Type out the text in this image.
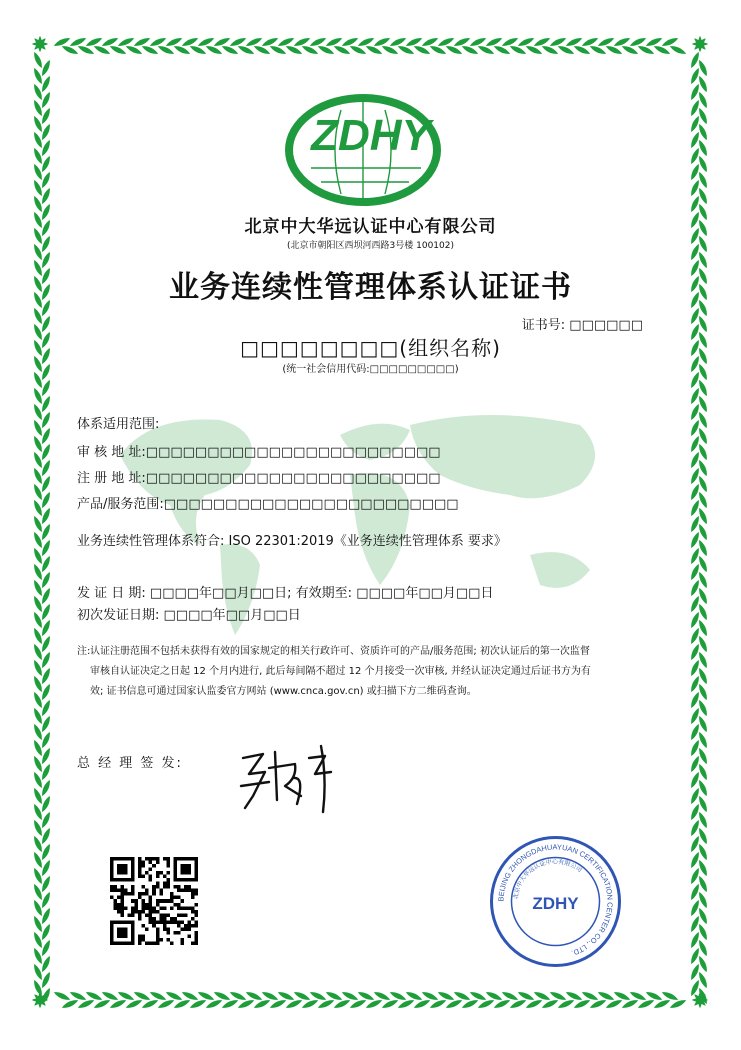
ZDHY
北京中大华远认证中心有限公司
(北京市朝阳区西坝河西路3号楼 100102)
业务连续性管理体系认证证书
证书号: □□□□□□
□□□□□□□□(组织名称)
(统一社会信用代码:□□□□□□□□□)
体系适用范围:
审 核 地 址:□□□□□□□□□□□□□□□□□□□□□□□□
注 册 地 址:□□□□□□□□□□□□□□□□□□□□□□□□
产品/服务范围:□□□□□□□□□□□□□□□□□□□□□□□□
业务连续性管理体系符合: ISO 22301:2019《业务连续性管理体系 要求》
发 证 日 期: □□□□年□□月□□日; 有效期至: □□□□年□□月□□日
初次发证日期: □□□□年□□月□□日
注: 认证注册范围不包括未获得有效的国家规定的相关行政许可、资质许可的产品/服务范围; 初次认证后的第一次监督
审核自认证决定之日起 12 个月内进行, 此后每间隔不超过 12 个月接受一次审核, 并经认证决定通过后证书方为有
效; 证书信息可通过国家认监委官方网站 (www.cnca.gov.cn) 或扫描下方二维码查询。
总 经 理 签 发:
BEIJING ZHONGDAHUAYUAN CERTIFICATION CENTER CO., LTD.
北京中大华远认证中心有限公司
ZDHY
